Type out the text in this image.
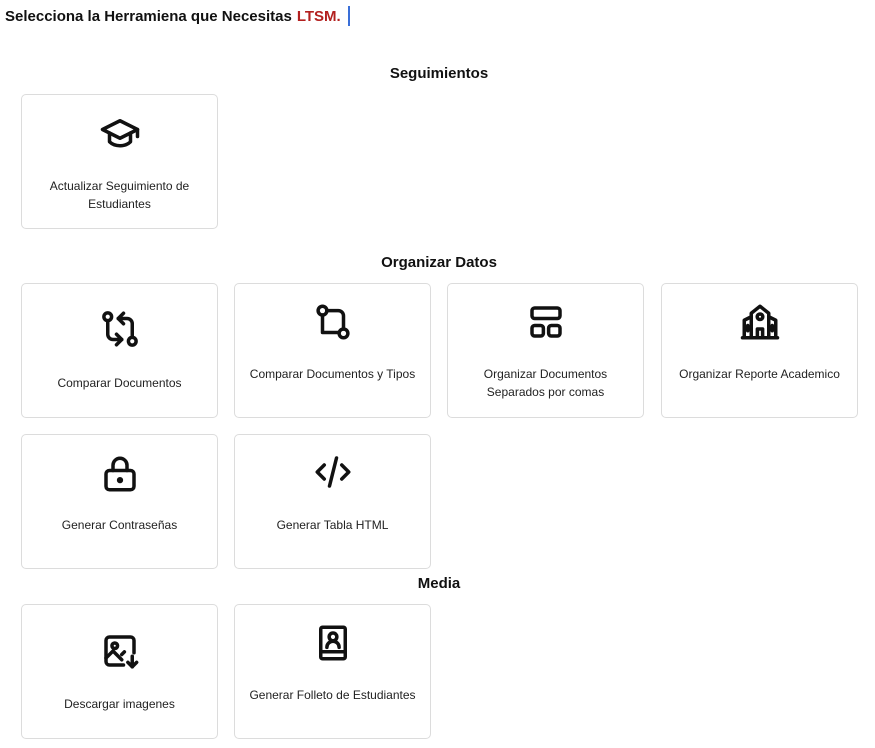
Selecciona la Herramiena que Necesitas LTSM.
Seguimientos
Actualizar Seguimiento de Estudiantes
Organizar Datos
Comparar Documentos
Comparar Documentos y Tipos	Organizar Documentos Separados por comas
Organizar Reporte Academico
Generar Contraseñas	Generar Tabla HTML
Media
Descargar imagenes
Generar Folleto de Estudiantes
